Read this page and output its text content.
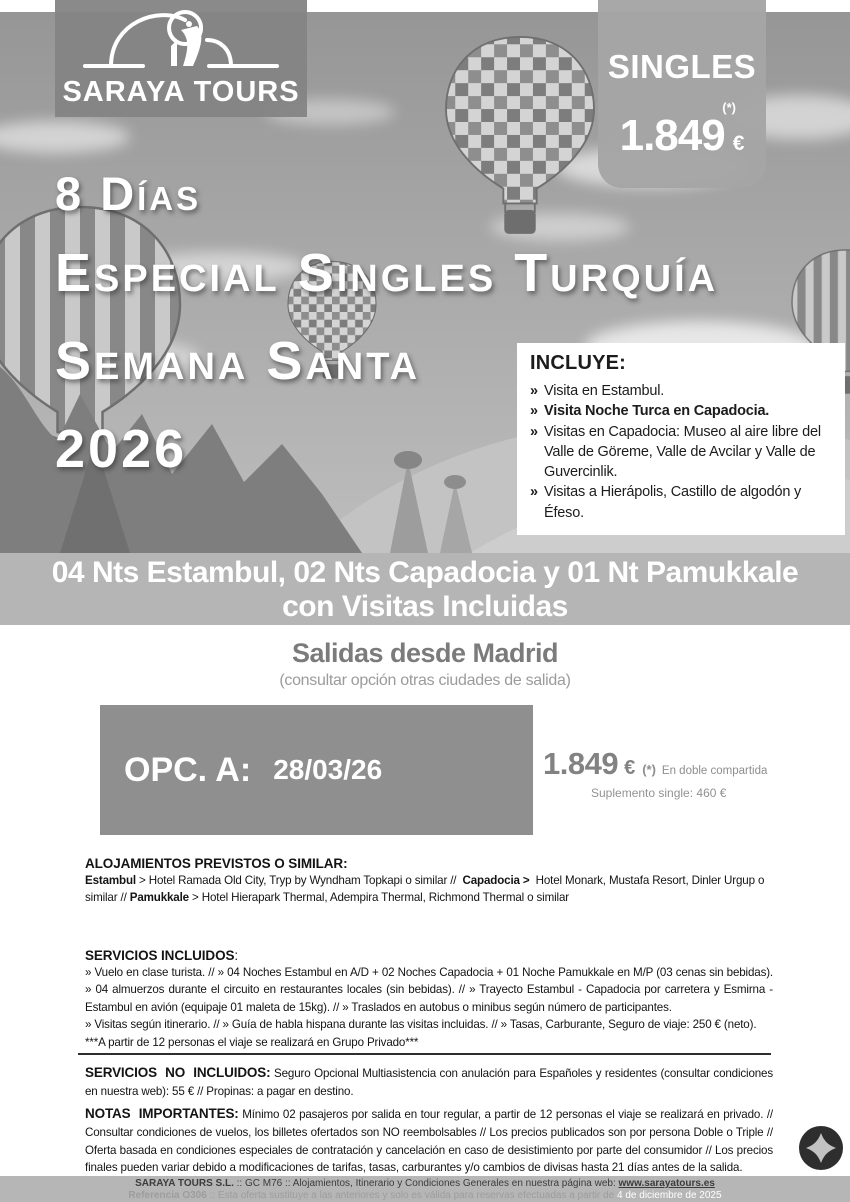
SARAYA TOURS
SINGLES
(*)
1.849 €
8 Días
Especial Singles Turquía
Semana Santa
2026
INCLUYE:
» Visita en Estambul.
» Visita Noche Turca en Capadocia.
» Visitas en Capadocia: Museo al aire libre del Valle de Göreme, Valle de Avcilar y Valle de Guvercinlik.
» Visitas a Hierápolis, Castillo de algodón y Éfeso.
04 Nts Estambul, 02 Nts Capadocia y 01 Nt Pamukkale
con Visitas Incluidas
Salidas desde Madrid
(consultar opción otras ciudades de salida)
OPC. A: 28/03/26	1.849 € (*) En doble compartida
Suplemento single: 460 €
ALOJAMIENTOS PREVISTOS O SIMILAR:
Estambul > Hotel Ramada Old City, Tryp by Wyndham Topkapi o similar //  Capadocia >  Hotel Monark, Mustafa Resort, Dinler Urgup o similar // Pamukkale > Hotel Hierapark Thermal, Adempira Thermal, Richmond Thermal o similar
SERVICIOS INCLUIDOS:
» Vuelo en clase turista. // » 04 Noches Estambul en A/D + 02 Noches Capadocia + 01 Noche Pamukkale en M/P (03 cenas sin bebidas). » 04 almuerzos durante el circuito en restaurantes locales (sin bebidas). // » Trayecto Estambul - Capadocia por carretera y Esmirna - Estambul en avión (equipaje 01 maleta de 15kg). // » Traslados en autobus o minibus según número de participantes.
» Visitas según itinerario. // » Guía de habla hispana durante las visitas incluidas. // » Tasas, Carburante, Seguro de viaje: 250 € (neto).
***A partir de 12 personas el viaje se realizará en Grupo Privado***
SERVICIOS  NO  INCLUIDOS: Seguro Opcional Multiasistencia con anulación para Españoles y residentes (consultar condiciones en nuestra web): 55 € // Propinas: a pagar en destino.
NOTAS  IMPORTANTES: Mínimo 02 pasajeros por salida en tour regular, a partir de 12 personas el viaje se realizará en privado. // Consultar condiciones de vuelos, los billetes ofertados son NO reembolsables // Los precios publicados son por persona Doble o Triple // Oferta basada en condiciones especiales de contratación y cancelación en caso de desistimiento por parte del consumidor // Los precios finales pueden variar debido a modificaciones de tarifas, tasas, carburantes y/o cambios de divisas hasta 21 días antes de la salida.
SARAYA TOURS S.L. :: GC M76 :: Alojamientos, Itinerario y Condiciones Generales en nuestra página web: www.sarayatours.es
Referencia O306 :: Esta oferta sustituye a las anteriores y solo es válida para reservas efectuadas a partir de 4 de diciembre de 2025
